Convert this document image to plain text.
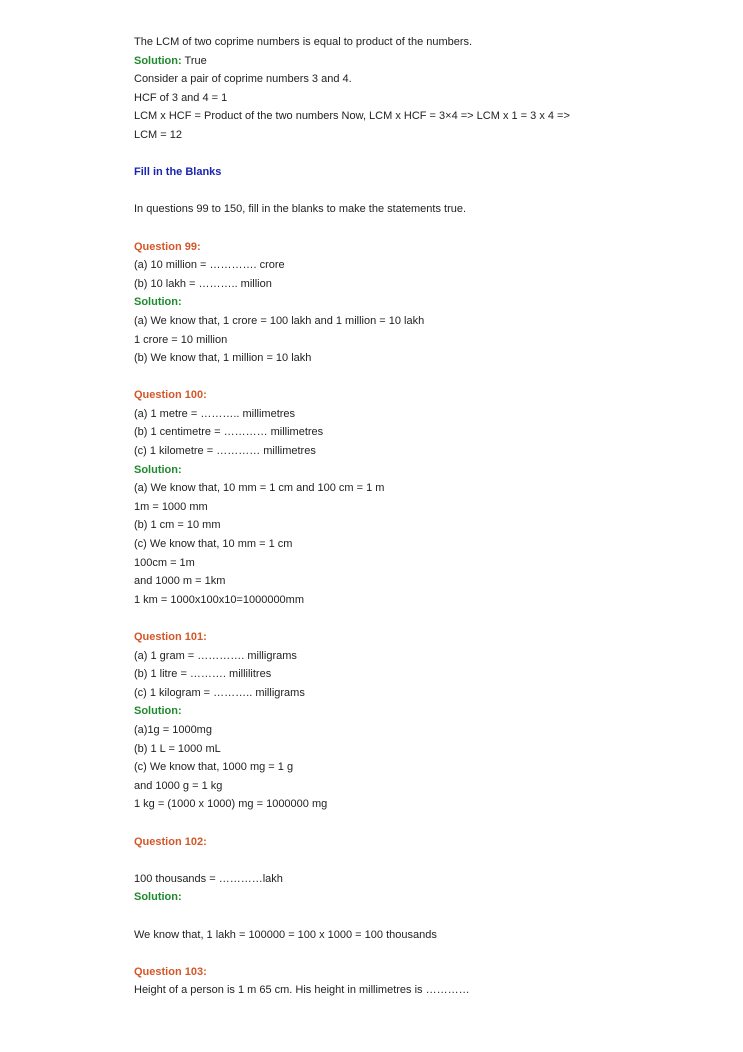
The LCM of two coprime numbers is equal to product of the numbers.
Solution: True
Consider a pair of coprime numbers 3 and 4.
HCF of 3 and 4 = 1
LCM x HCF = Product of the two numbers Now, LCM x HCF = 3×4 => LCM x 1 = 3 x 4 =>
LCM = 12
Fill in the Blanks
In questions 99 to 150, fill in the blanks to make the statements true.
Question 99:
(a) 10 million = …………. crore
(b) 10 lakh = ……….. million
Solution:
(a) We know that, 1 crore = 100 lakh and 1 million = 10 lakh
1 crore = 10 million
(b) We know that, 1 million = 10 lakh
Question 100:
(a) 1 metre = ……….. millimetres
(b) 1 centimetre = ………… millimetres
(c) 1 kilometre = ………… millimetres
Solution:
(a) We know that, 10 mm = 1 cm and 100 cm = 1 m
1m = 1000 mm
(b) 1 cm = 10 mm
(c) We know that, 10 mm = 1 cm
100cm = 1m
and 1000 m = 1km
1 km = 1000x100x10=1000000mm
Question 101:
(a) 1 gram = …………. milligrams
(b) 1 litre = ………. millilitres
(c) 1 kilogram = ……….. milligrams
Solution:
(a)1g = 1000mg
(b) 1 L = 1000 mL
(c) We know that, 1000 mg = 1 g
and 1000 g = 1 kg
1 kg = (1000 x 1000) mg = 1000000 mg
Question 102:
100 thousands = …………lakh
Solution:
We know that, 1 lakh = 100000 = 100 x 1000 = 100 thousands
Question 103:
Height of a person is 1 m 65 cm. His height in millimetres is …………
